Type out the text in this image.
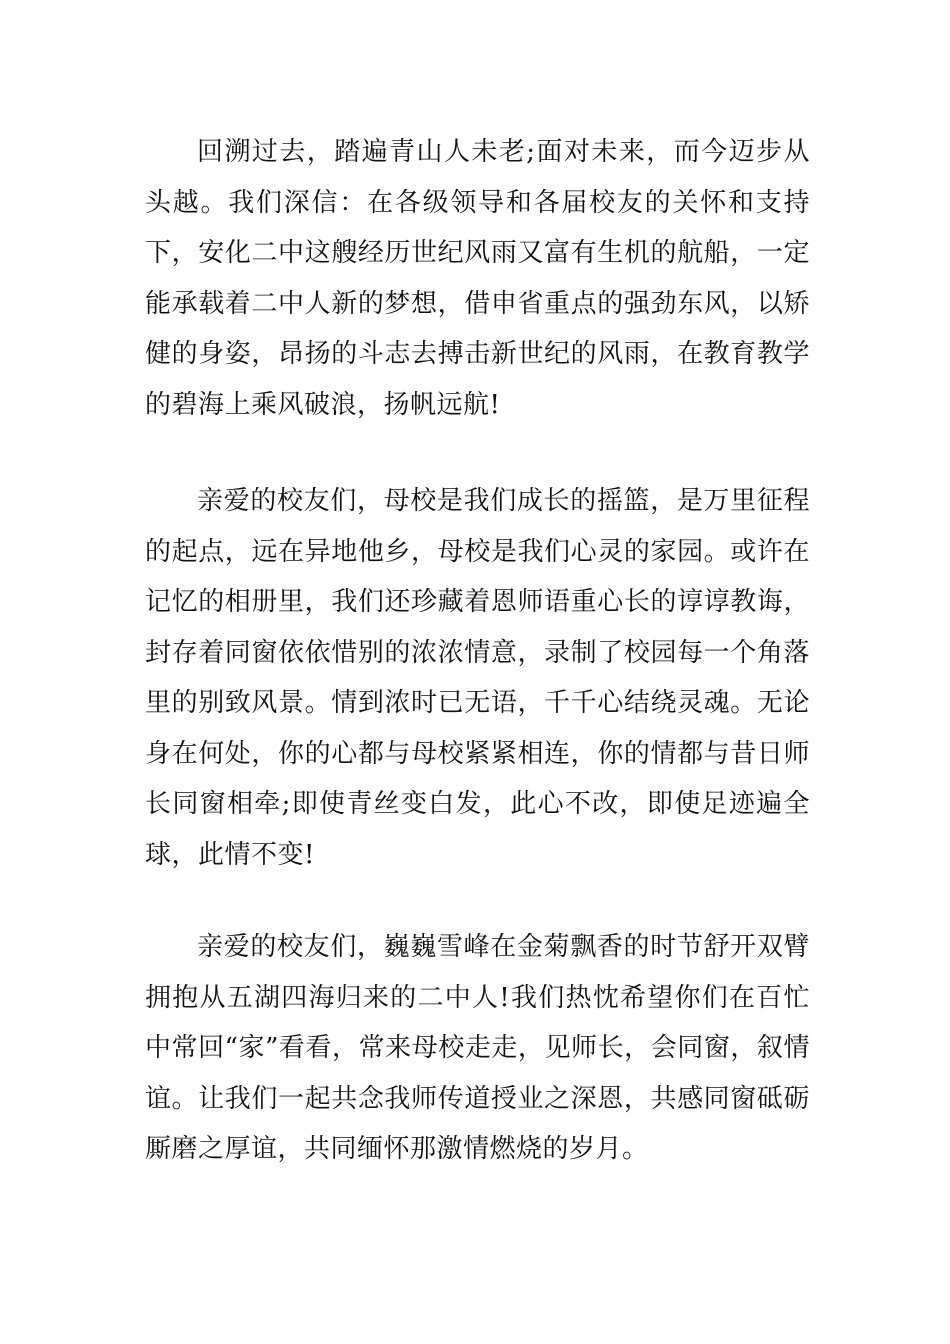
回溯过去，踏遍青山人未老;面对未来，而今迈步从头越。我们深信：在各级领导和各届校友的关怀和支持下，安化二中这艘经历世纪风雨又富有生机的航船，一定能承载着二中人新的梦想，借申省重点的强劲东风，以矫健的身姿，昂扬的斗志去搏击新世纪的风雨，在教育教学的碧海上乘风破浪，扬帆远航!

亲爱的校友们，母校是我们成长的摇篮，是万里征程的起点，远在异地他乡，母校是我们心灵的家园。或许在记忆的相册里，我们还珍藏着恩师语重心长的谆谆教诲，封存着同窗依依惜别的浓浓情意，录制了校园每一个角落里的别致风景。情到浓时已无语，千千心结绕灵魂。无论身在何处，你的心都与母校紧紧相连，你的情都与昔日师长同窗相牵;即使青丝变白发，此心不改，即使足迹遍全球，此情不变!

亲爱的校友们，巍巍雪峰在金菊飘香的时节舒开双臂拥抱从五湖四海归来的二中人!我们热忱希望你们在百忙中常回“家”看看，常来母校走走，见师长，会同窗，叙情谊。让我们一起共念我师传道授业之深恩，共感同窗砥砺厮磨之厚谊，共同缅怀那激情燃烧的岁月。
